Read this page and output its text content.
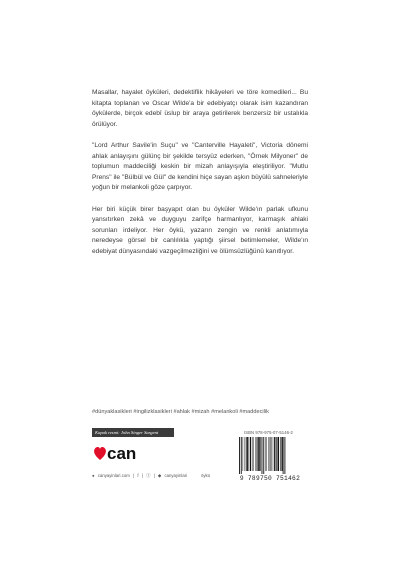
Masallar, hayalet öyküleri, dedektiflik hikâyeleri ve töre komedileri... Bu kitapta toplanan ve Oscar Wilde'a bir edebiyatçı olarak isim kazandıran öykülerde, birçok edebî üslup bir araya getirilerek benzersiz bir ustalıkla örülüyor.

"Lord Arthur Savile'in Suçu" ve "Canterville Hayaleti", Victoria dönemi ahlak anlayışını gülünç bir şekilde tersyüz ederken, "Örnek Milyoner" de toplumun maddeciliği keskin bir mizah anlayışıyla eleştiriliyor. "Mutlu Prens" ile "Bülbül ve Gül" de kendini hiçe sayan aşkın büyülü sahneleriyle yoğun bir melankoli göze çarpıyor.

Her biri küçük birer başyapıt olan bu öyküler Wilde'ın parlak ufkunu yansıtırken zekâ ve duyguyu zarifçe harmanlıyor, karmaşık ahlaki sorunları irdeliyor. Her öykü, yazarın zengin ve renkli anlatımıyla neredeyse görsel bir canlılıkla yaptığı şiirsel betimlemeler, Wilde'ın edebiyat dünyasındaki vazgeçilmezliğini ve ölümsüzlüğünü kanıtlıyor.

#dünyaklasikleri #ingilizklasikleri #ahlak #mizah #melankoli #maddecilik
Kapak resmi: John Singer Sargent	ISBN 978-975-07-5146-2
can
● canyayinlari.com | f | Ⓘ | ◆ canyayinlari	öykü	9 789750 751462
